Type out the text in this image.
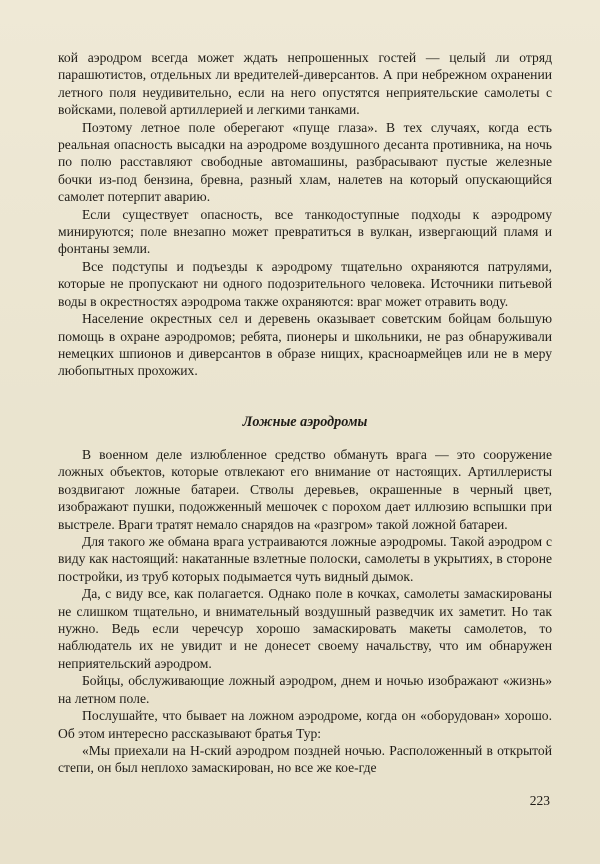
кой аэродром всегда может ждать непрошенных гостей — целый ли отряд парашютистов, отдельных ли вредителей-диверсантов. А при небрежном охранении летного поля неудивительно, если на него опустятся неприятельские самолеты с войсками, полевой артиллерией и легкими танками.

Поэтому летное поле оберегают «пуще глаза». В тех случаях, когда есть реальная опасность высадки на аэродроме воздушного десанта противника, на ночь по полю расставляют свободные автомашины, разбрасывают пустые железные бочки из-под бензина, бревна, разный хлам, налетев на который опускающийся самолет потерпит аварию.

Если существует опасность, все танкодоступные подходы к аэродрому минируются; поле внезапно может превратиться в вулкан, извергающий пламя и фонтаны земли.

Все подступы и подъезды к аэродрому тщательно охраняются патрулями, которые не пропускают ни одного подозрительного человека. Источники питьевой воды в окрестностях аэродрома также охраняются: враг может отравить воду.

Население окрестных сел и деревень оказывает советским бойцам большую помощь в охране аэродромов; ребята, пионеры и школьники, не раз обнаруживали немецких шпионов и диверсантов в образе нищих, красноармейцев или не в меру любопытных прохожих.

Ложные аэродромы

В военном деле излюбленное средство обмануть врага — это сооружение ложных объектов, которые отвлекают его внимание от настоящих. Артиллеристы воздвигают ложные батареи. Стволы деревьев, окрашенные в черный цвет, изображают пушки, подожженный мешочек с порохом дает иллюзию вспышки при выстреле. Враги тратят немало снарядов на «разгром» такой ложной батареи.

Для такого же обмана врага устраиваются ложные аэродромы. Такой аэродром с виду как настоящий: накатанные взлетные полоски, самолеты в укрытиях, в стороне постройки, из труб которых подымается чуть видный дымок.

Да, с виду все, как полагается. Однако поле в кочках, самолеты замаскированы не слишком тщательно, и внимательный воздушный разведчик их заметит. Но так нужно. Ведь если черечсур хорошо замаскировать макеты самолетов, то наблюдатель их не увидит и не донесет своему начальству, что им обнаружен неприятельский аэродром.

Бойцы, обслуживающие ложный аэродром, днем и ночью изображают «жизнь» на летном поле.

Послушайте, что бывает на ложном аэродроме, когда он «оборудован» хорошо. Об этом интересно рассказывают братья Тур:

«Мы приехали на Н-ский аэродром поздней ночью. Расположенный в открытой степи, он был неплохо замаскирован, но все же кое-где

223
